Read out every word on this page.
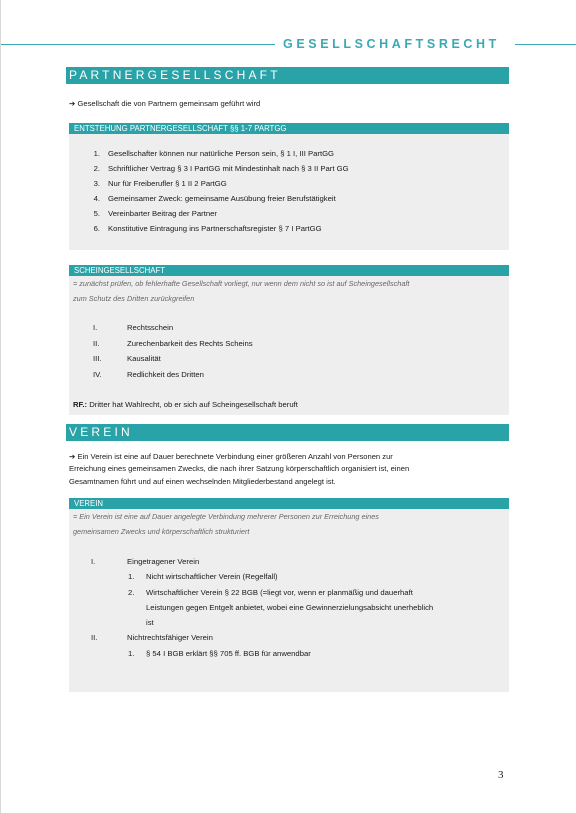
GESELLSCHAFTSRECHT
PARTNERGESELLSCHAFT
➔ Gesellschaft die von Partnern gemeinsam geführt wird
ENTSTEHUNG PARTNERGESELLSCHAFT §§ 1-7 PARTGG
1. Gesellschafter können nur natürliche Person sein, § 1 I, III PartGG
2. Schriftlicher Vertrag § 3 I PartGG mit Mindestinhalt nach § 3 II Part GG
3. Nur für Freiberufler § 1 II 2 PartGG
4. Gemeinsamer Zweck: gemeinsame Ausübung freier Berufstätigkeit
5. Vereinbarter Beitrag der Partner
6. Konstitutive Eintragung ins Partnerschaftsregister § 7 I PartGG
SCHEINGESELLSCHAFT
= zunächst prüfen, ob fehlerhafte Gesellschaft vorliegt, nur wenn dem nicht so ist auf Scheingesellschaft
zum Schutz des Dritten zurückgreifen
I.	Rechtsschein
II.	Zurechenbarkeit des Rechts Scheins
III.	Kausalität
IV.	Redlichkeit des Dritten
RF.: Dritter hat Wahlrecht, ob er sich auf Scheingesellschaft beruft
VEREIN
➔ Ein Verein ist eine auf Dauer berechnete Verbindung einer größeren Anzahl von Personen zur
Erreichung eines gemeinsamen Zwecks, die nach ihrer Satzung körperschaftlich organisiert ist, einen
Gesamtnamen führt und auf einen wechselnden Mitgliederbestand angelegt ist.
VEREIN
= Ein Verein ist eine auf Dauer angelegte Verbindung mehrerer Personen zur Erreichung eines
gemeinsamen Zwecks und körperschaftlich strukturiert
I.	Eingetragener Verein
1. Nicht wirtschaftlicher Verein (Regelfall)
2. Wirtschaftlicher Verein § 22 BGB (=liegt vor, wenn er planmäßig und dauerhaft
Leistungen gegen Entgelt anbietet, wobei eine Gewinnerzielungsabsicht unerheblich
ist
II.	Nichtrechtsfähiger Verein
1. § 54 I BGB erklärt §§ 705 ff. BGB für anwendbar
3
